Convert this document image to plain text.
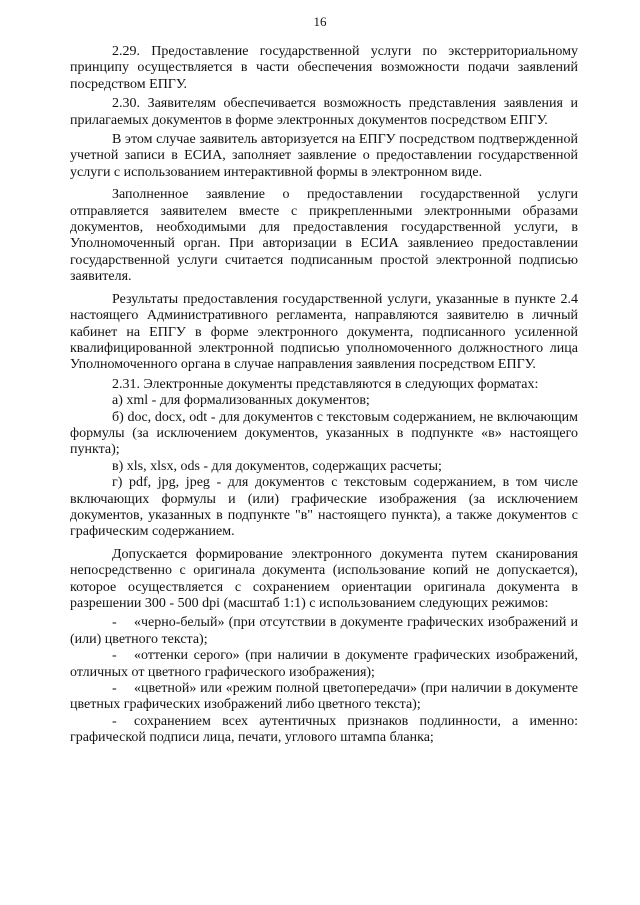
16

2.29. Предоставление государственной услуги по экстерриториальному принципу осуществляется в части обеспечения возможности подачи заявлений посредством ЕПГУ.

2.30. Заявителям обеспечивается возможность представления заявления и прилагаемых документов в форме электронных документов посредством ЕПГУ.

В этом случае заявитель авторизуется на ЕПГУ посредством подтвержденной учетной записи в ЕСИА, заполняет заявление о предоставлении государственной услуги с использованием интерактивной формы в электронном виде.

Заполненное заявление о предоставлении государственной услуги отправляется заявителем вместе с прикрепленными электронными образами документов, необходимыми для предоставления государственной услуги, в Уполномоченный орган. При авторизации в ЕСИА заявлениео предоставлении государственной услуги считается подписанным простой электронной подписью заявителя.

Результаты предоставления государственной услуги, указанные в пункте 2.4 настоящего Административного регламента, направляются заявителю в личный кабинет на ЕПГУ в форме электронного документа, подписанного усиленной квалифицированной электронной подписью уполномоченного должностного лица Уполномоченного органа в случае направления заявления посредством ЕПГУ.

2.31. Электронные документы представляются в следующих форматах:

а) xml - для формализованных документов;

б) doc, docx, odt - для документов с текстовым содержанием, не включающим формулы (за исключением документов, указанных в подпункте «в» настоящего пункта);

в) xls, xlsx, ods - для документов, содержащих расчеты;

г) pdf, jpg, jpeg - для документов с текстовым содержанием, в том числе включающих формулы и (или) графические изображения (за исключением документов, указанных в подпункте "в" настоящего пункта), а также документов с графическим содержанием.

Допускается формирование электронного документа путем сканирования непосредственно с оригинала документа (использование копий не допускается), которое осуществляется с сохранением ориентации оригинала документа в разрешении 300 - 500 dpi (масштаб 1:1) с использованием следующих режимов:

- «черно-белый» (при отсутствии в документе графических изображений и (или) цветного текста);

- «оттенки серого» (при наличии в документе графических изображений, отличных от цветного графического изображения);

- «цветной» или «режим полной цветопередачи» (при наличии в документе цветных графических изображений либо цветного текста);

- сохранением всех аутентичных признаков подлинности, а именно: графической подписи лица, печати, углового штампа бланка;
